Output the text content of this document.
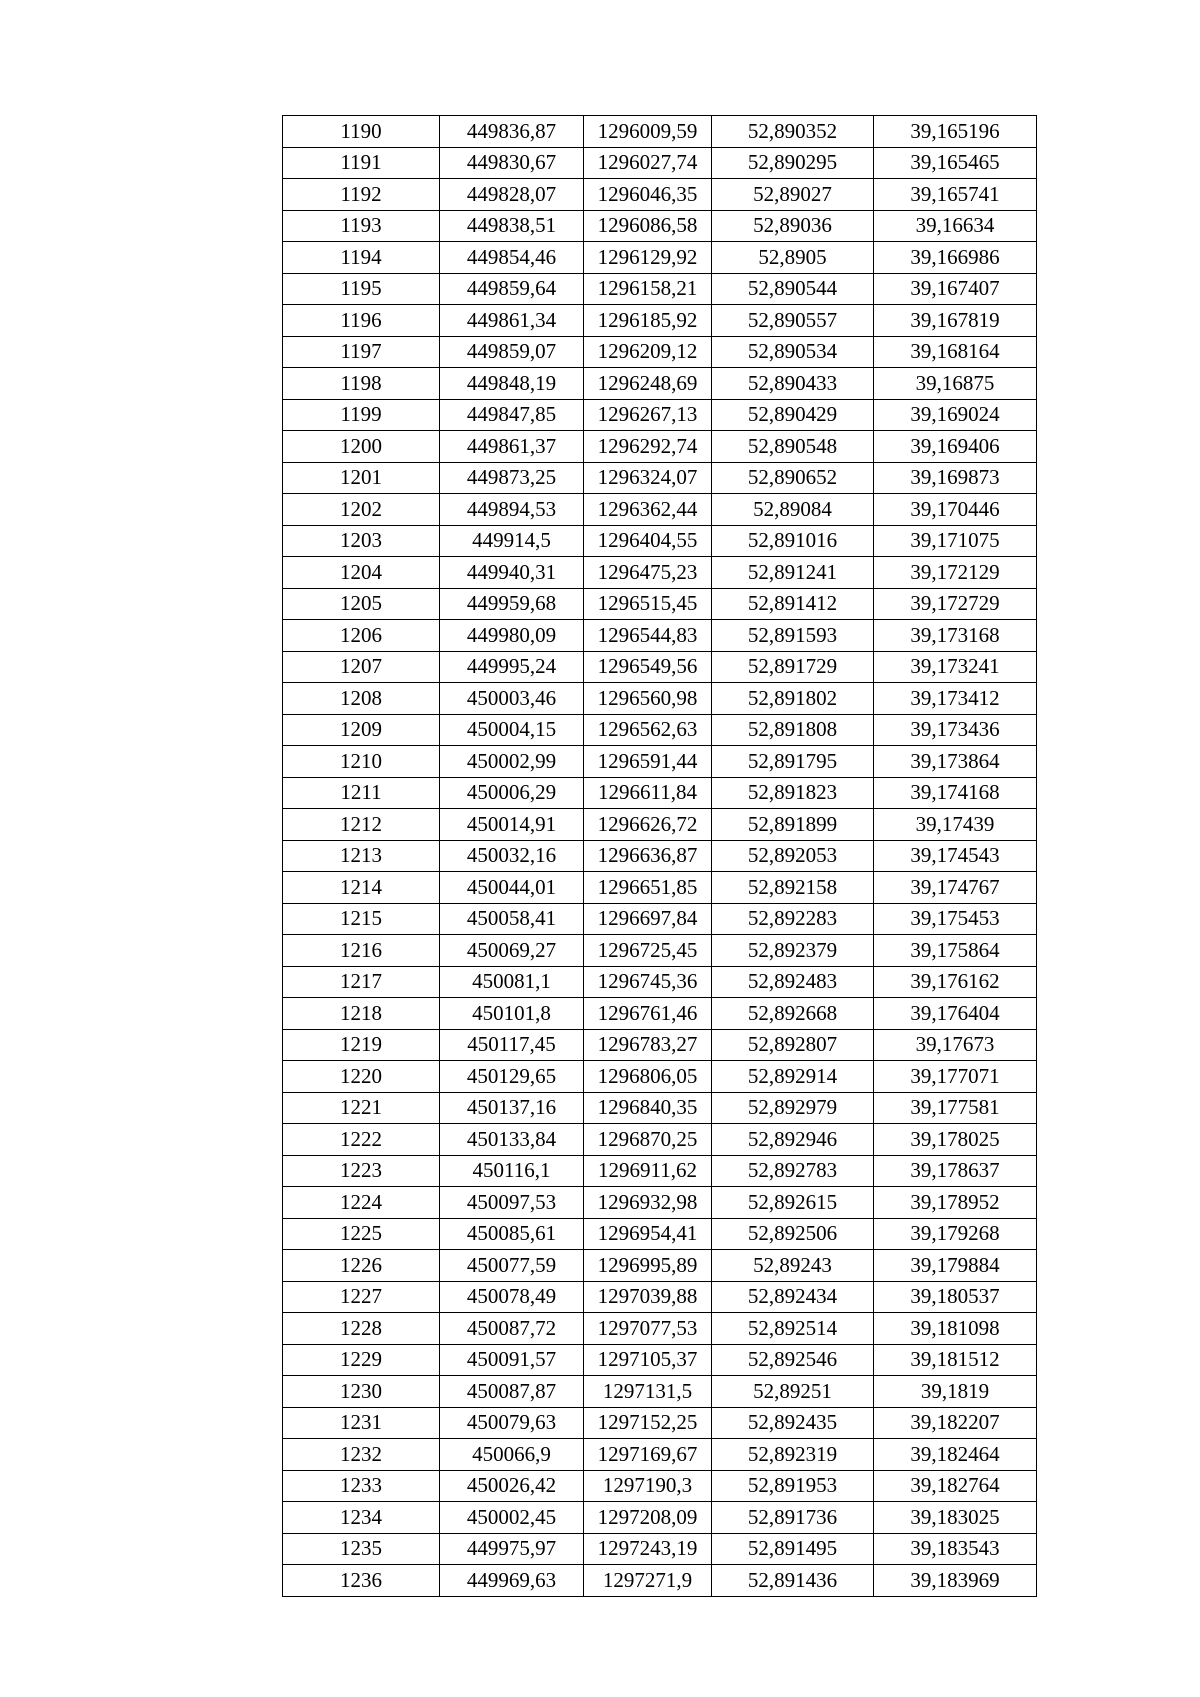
1190	449836,87	1296009,59	52,890352	39,165196
1191	449830,67	1296027,74	52,890295	39,165465
1192	449828,07	1296046,35	52,89027	39,165741
1193	449838,51	1296086,58	52,89036	39,16634
1194	449854,46	1296129,92	52,8905	39,166986
1195	449859,64	1296158,21	52,890544	39,167407
1196	449861,34	1296185,92	52,890557	39,167819
1197	449859,07	1296209,12	52,890534	39,168164
1198	449848,19	1296248,69	52,890433	39,16875
1199	449847,85	1296267,13	52,890429	39,169024
1200	449861,37	1296292,74	52,890548	39,169406
1201	449873,25	1296324,07	52,890652	39,169873
1202	449894,53	1296362,44	52,89084	39,170446
1203	449914,5	1296404,55	52,891016	39,171075
1204	449940,31	1296475,23	52,891241	39,172129
1205	449959,68	1296515,45	52,891412	39,172729
1206	449980,09	1296544,83	52,891593	39,173168
1207	449995,24	1296549,56	52,891729	39,173241
1208	450003,46	1296560,98	52,891802	39,173412
1209	450004,15	1296562,63	52,891808	39,173436
1210	450002,99	1296591,44	52,891795	39,173864
1211	450006,29	1296611,84	52,891823	39,174168
1212	450014,91	1296626,72	52,891899	39,17439
1213	450032,16	1296636,87	52,892053	39,174543
1214	450044,01	1296651,85	52,892158	39,174767
1215	450058,41	1296697,84	52,892283	39,175453
1216	450069,27	1296725,45	52,892379	39,175864
1217	450081,1	1296745,36	52,892483	39,176162
1218	450101,8	1296761,46	52,892668	39,176404
1219	450117,45	1296783,27	52,892807	39,17673
1220	450129,65	1296806,05	52,892914	39,177071
1221	450137,16	1296840,35	52,892979	39,177581
1222	450133,84	1296870,25	52,892946	39,178025
1223	450116,1	1296911,62	52,892783	39,178637
1224	450097,53	1296932,98	52,892615	39,178952
1225	450085,61	1296954,41	52,892506	39,179268
1226	450077,59	1296995,89	52,89243	39,179884
1227	450078,49	1297039,88	52,892434	39,180537
1228	450087,72	1297077,53	52,892514	39,181098
1229	450091,57	1297105,37	52,892546	39,181512
1230	450087,87	1297131,5	52,89251	39,1819
1231	450079,63	1297152,25	52,892435	39,182207
1232	450066,9	1297169,67	52,892319	39,182464
1233	450026,42	1297190,3	52,891953	39,182764
1234	450002,45	1297208,09	52,891736	39,183025
1235	449975,97	1297243,19	52,891495	39,183543
1236	449969,63	1297271,9	52,891436	39,183969
